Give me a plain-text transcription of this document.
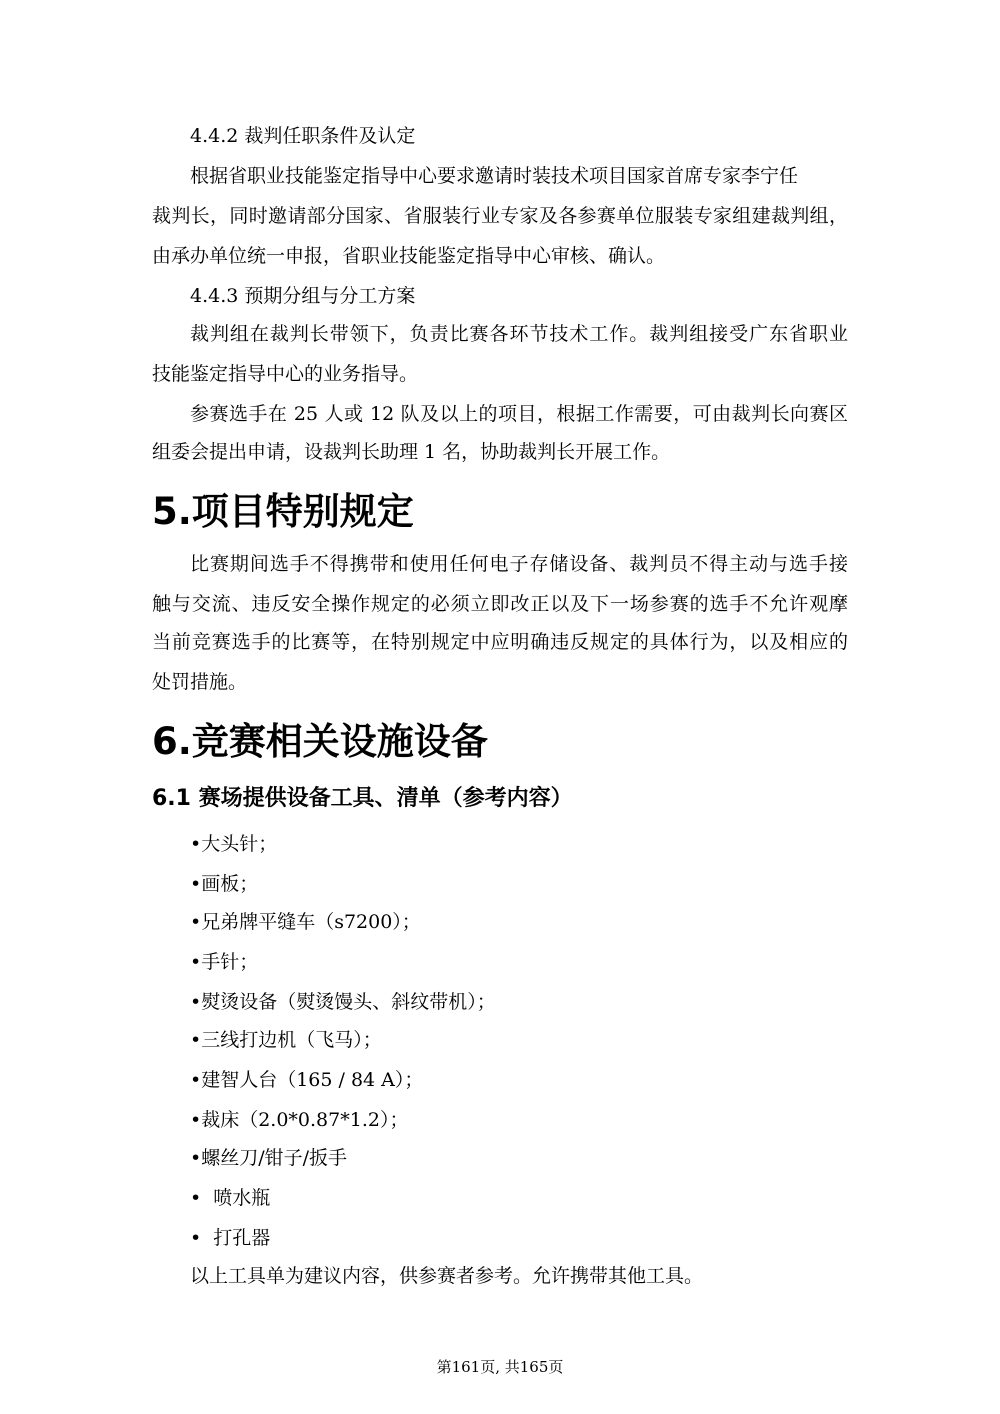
4.4.2 裁判任职条件及认定
根据省职业技能鉴定指导中心要求邀请时装技术项目国家首席专家李宁任
裁判长，同时邀请部分国家、省服装行业专家及各参赛单位服装专家组建裁判组，
由承办单位统一申报，省职业技能鉴定指导中心审核、确认。
4.4.3 预期分组与分工方案
裁判组在裁判长带领下，负责比赛各环节技术工作。裁判组接受广东省职业
技能鉴定指导中心的业务指导。
参赛选手在 25 人或 12 队及以上的项目，根据工作需要，可由裁判长向赛区
组委会提出申请，设裁判长助理 1 名，协助裁判长开展工作。
5.项目特别规定
比赛期间选手不得携带和使用任何电子存储设备、裁判员不得主动与选手接
触与交流、违反安全操作规定的必须立即改正以及下一场参赛的选手不允许观摩
当前竞赛选手的比赛等，在特别规定中应明确违反规定的具体行为，以及相应的
处罚措施。
6.竞赛相关设施设备
6.1 赛场提供设备工具、清单（参考内容）
•大头针；
•画板；
•兄弟牌平缝车（s7200）；
•手针；
•熨烫设备（熨烫馒头、斜纹带机）；
•三线打边机（飞马）；
•建智人台（165 / 84 A）；
•裁床（2.0*0.87*1.2）；
•螺丝刀/钳子/扳手
•  喷水瓶
•  打孔器
以上工具单为建议内容，供参赛者参考。允许携带其他工具。
第161页, 共165页
